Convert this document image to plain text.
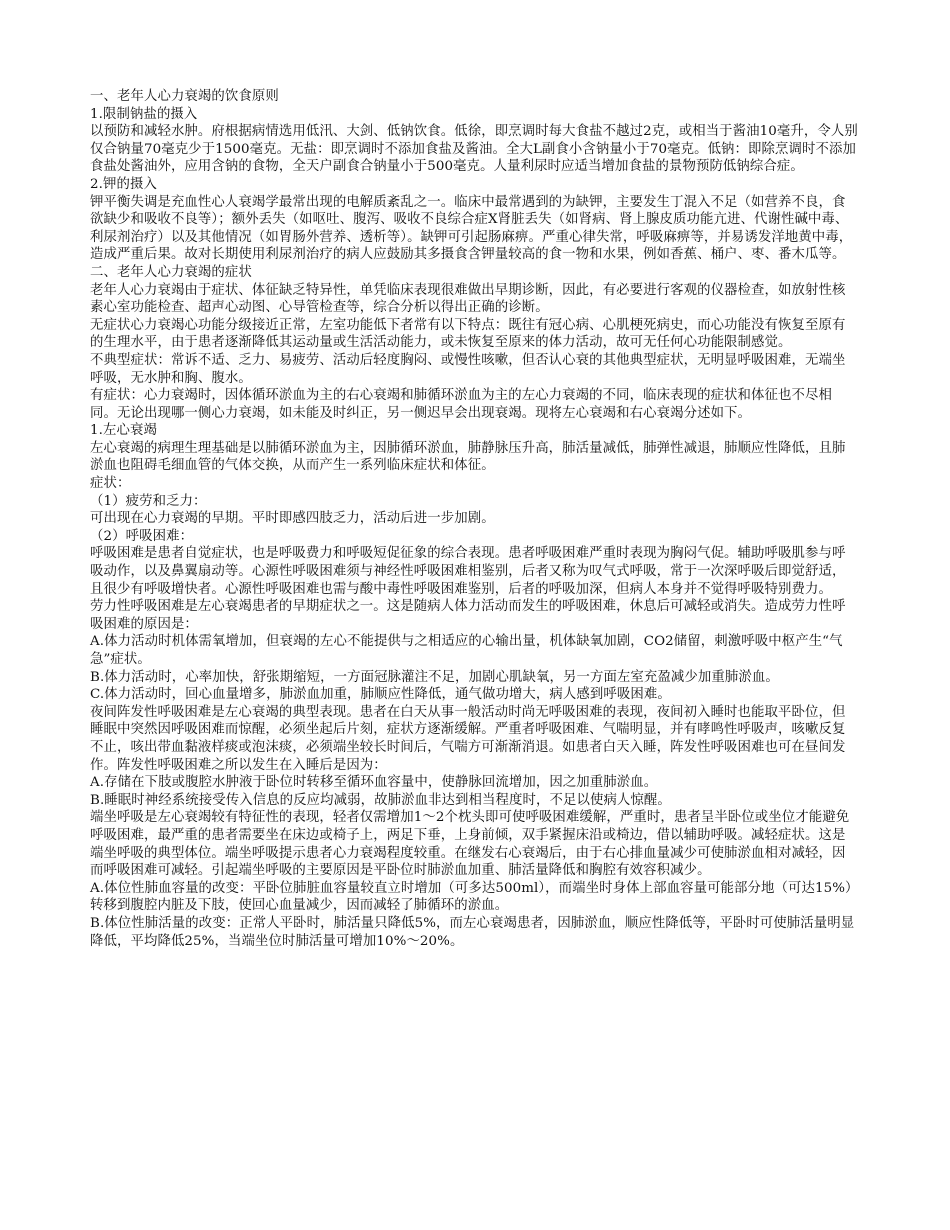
一、老年人心力衰竭的饮食原则

1.限制钠盐的摄入

以预防和减轻水肿。府根据病情选用低汛、大剑、低钠饮食。低徐，即烹调时每大食盐不越过2克，或相当于酱油10毫升，令人别仅合钠量70毫克少于1500毫克。无盐：即烹调时不添加食盐及酱油。全大L副食小含钠量小于70毫克。低钠：即除烹调时不添加食盐处酱油外，应用含钠的食物，全天户副食合钠量小于500毫克。人量利尿时应适当增加食盐的景物预防低钠综合症。

2.钾的摄入

钾平衡失调是充血性心人衰竭学最常出现的电解质紊乱之一。临床中最常遇到的为缺钾，主要发生丁混入不足（如营养不良，食欲缺少和吸收不良等）；额外丢失（如呕吐、腹泻、吸收不良综合症Ⅹ肾脏丢失（如肾病、肾上腺皮质功能亢进、代谢性碱中毒、利尿剂治疗）以及其他情况（如胃肠外营养、透析等）。缺钾可引起肠麻痹。严重心律失常，呼吸麻痹等，并易诱发洋地黄中毒，造成严重后果。故对长期使用利尿剂治疗的病人应鼓励其多摄食含钾量较高的食一物和水果，例如香蕉、桶户、枣、番木瓜等。

二、老年人心力衰竭的症状

老年人心力衰竭由于症状、体征缺乏特异性，单凭临床表现很难做出早期诊断，因此，有必要进行客观的仪器检查，如放射性核素心室功能检查、超声心动图、心导管检查等，综合分析以得出正确的诊断。

无症状心力衰竭心功能分级接近正常，左室功能低下者常有以下特点：既往有冠心病、心肌梗死病史，而心功能没有恢复至原有的生理水平，由于患者逐渐降低其运动量或生活活动能力，或未恢复至原来的体力活动，故可无任何心功能限制感觉。

不典型症状：常诉不适、乏力、易疲劳、活动后轻度胸闷、或慢性咳嗽，但否认心衰的其他典型症状，无明显呼吸困难，无端坐呼吸，无水肿和胸、腹水。

有症状：心力衰竭时，因体循环淤血为主的右心衰竭和肺循环淤血为主的左心力衰竭的不同，临床表现的症状和体征也不尽相同。无论出现哪一侧心力衰竭，如未能及时纠正，另一侧迟早会出现衰竭。现将左心衰竭和右心衰竭分述如下。

1.左心衰竭

左心衰竭的病理生理基础是以肺循环淤血为主，因肺循环淤血，肺静脉压升高，肺活量减低，肺弹性减退，肺顺应性降低，且肺淤血也阻碍毛细血管的气体交换，从而产生一系列临床症状和体征。

症状：

（1）疲劳和乏力：

可出现在心力衰竭的早期。平时即感四肢乏力，活动后进一步加剧。

（2）呼吸困难：

呼吸困难是患者自觉症状，也是呼吸费力和呼吸短促征象的综合表现。患者呼吸困难严重时表现为胸闷气促。辅助呼吸肌参与呼吸动作，以及鼻翼扇动等。心源性呼吸困难须与神经性呼吸困难相鉴别，后者又称为叹气式呼吸，常于一次深呼吸后即觉舒适，且很少有呼吸增快者。心源性呼吸困难也需与酸中毒性呼吸困难鉴别，后者的呼吸加深，但病人本身并不觉得呼吸特别费力。

劳力性呼吸困难是左心衰竭患者的早期症状之一。这是随病人体力活动而发生的呼吸困难，休息后可减轻或消失。造成劳力性呼吸困难的原因是：

A.体力活动时机体需氧增加，但衰竭的左心不能提供与之相适应的心输出量，机体缺氧加剧，CO2储留，刺激呼吸中枢产生“气急”症状。

B.体力活动时，心率加快，舒张期缩短，一方面冠脉灌注不足，加剧心肌缺氧，另一方面左室充盈减少加重肺淤血。

C.体力活动时，回心血量增多，肺淤血加重，肺顺应性降低，通气做功增大，病人感到呼吸困难。

夜间阵发性呼吸困难是左心衰竭的典型表现。患者在白天从事一般活动时尚无呼吸困难的表现，夜间初入睡时也能取平卧位，但睡眠中突然因呼吸困难而惊醒，必须坐起后片刻，症状方逐渐缓解。严重者呼吸困难、气喘明显，并有哮鸣性呼吸声，咳嗽反复不止，咳出带血黏液样痰或泡沫痰，必须端坐较长时间后，气喘方可渐渐消退。如患者白天入睡，阵发性呼吸困难也可在昼间发作。阵发性呼吸困难之所以发生在入睡后是因为：

A.存储在下肢或腹腔水肿液于卧位时转移至循环血容量中，使静脉回流增加，因之加重肺淤血。

B.睡眠时神经系统接受传入信息的反应均减弱，故肺淤血非达到相当程度时，不足以使病人惊醒。

端坐呼吸是左心衰竭较有特征性的表现，轻者仅需增加1～2个枕头即可使呼吸困难缓解，严重时，患者呈半卧位或坐位才能避免呼吸困难，最严重的患者需要坐在床边或椅子上，两足下垂，上身前倾，双手紧握床沿或椅边，借以辅助呼吸。减轻症状。这是端坐呼吸的典型体位。端坐呼吸提示患者心力衰竭程度较重。在继发右心衰竭后，由于右心排血量减少可使肺淤血相对减轻，因而呼吸困难可减轻。引起端坐呼吸的主要原因是平卧位时肺淤血加重、肺活量降低和胸腔有效容积减少。

A.体位性肺血容量的改变：平卧位肺脏血容量较直立时增加（可多达500ml），而端坐时身体上部血容量可能部分地（可达15%）转移到腹腔内脏及下肢，使回心血量减少，因而减轻了肺循环的淤血。

B.体位性肺活量的改变：正常人平卧时，肺活量只降低5%，而左心衰竭患者，因肺淤血，顺应性降低等，平卧时可使肺活量明显降低，平均降低25%，当端坐位时肺活量可增加10%～20%。
